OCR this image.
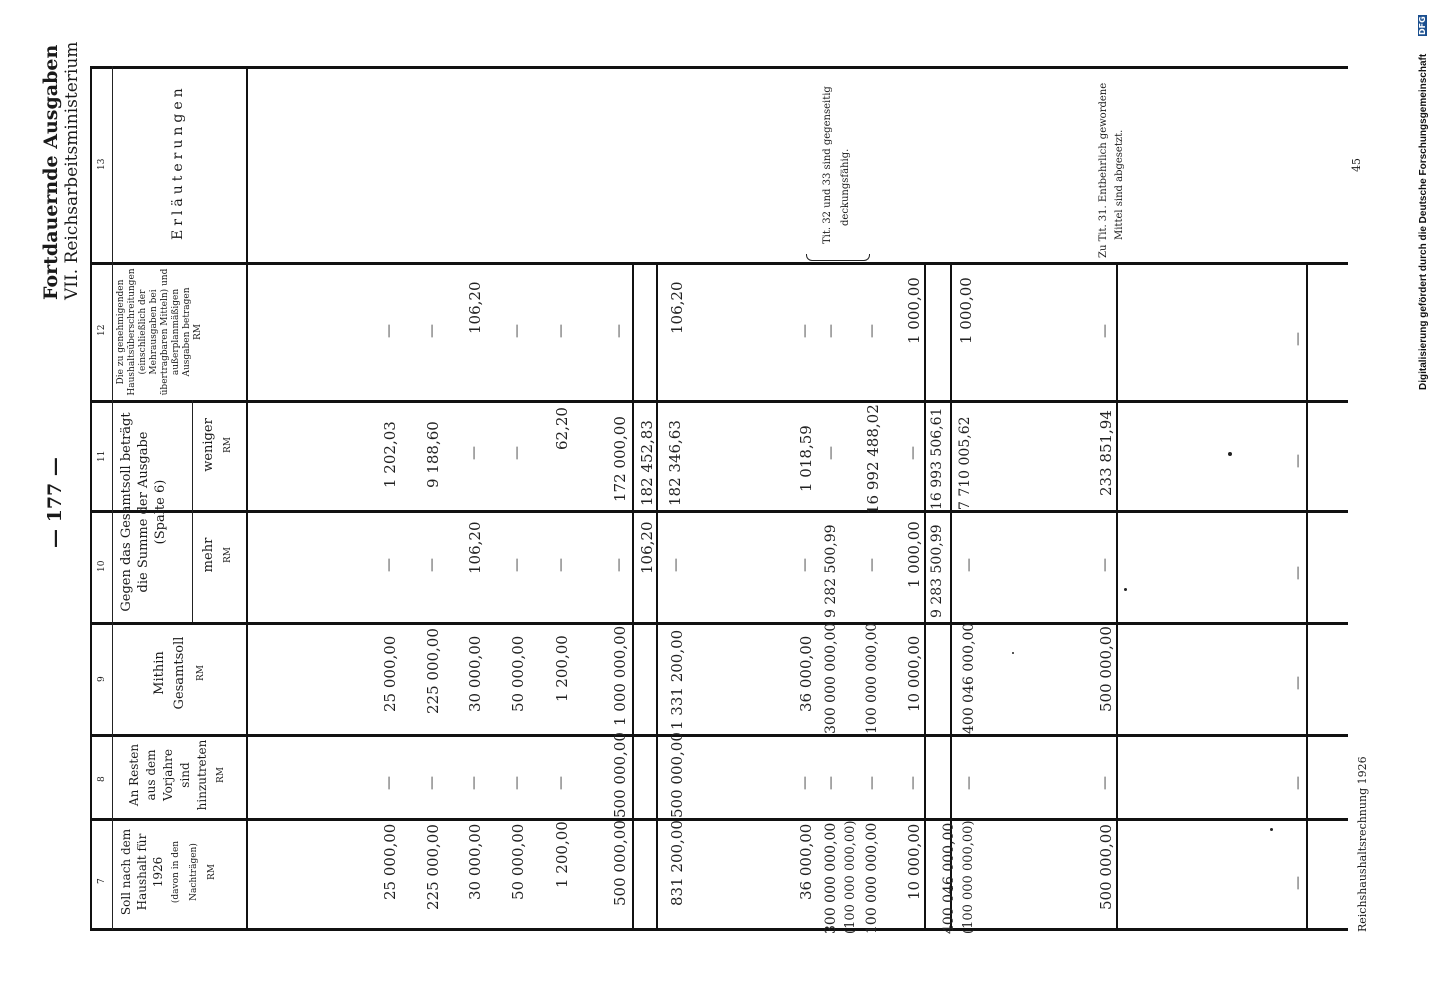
— 177 —
Fortdauernde Ausgaben VII. Reichsarbeitsministerium
7
8
9
10
11
12
13
Soll nach dem Haushalt für 1926 (davon in den Nachträgen) RM
An Resten aus dem Vorjahre sind hinzutreten RM
Mithin Gesamtsoll RM
Gegen das Gesamtsoll beträgt die Summe der Ausgabe (Spalte 6)
mehr RM
weniger RM
Die zu genehmigenden Haushaltsüberschreitungen (einschließlich der Mehrausgaben bei übertragbaren Mitteln) und außerplanmäßigen Ausgaben betragen
RM
Erläuterungen
25 000,00
—
25 000,00
—
1 202,03
—
225 000,00
—
225 000,00
—
9 188,60
—
30 000,00
—
30 000,00
106,20
—
106,20
50 000,00
—
50 000,00
—
—
—
1 200,00
—
1 200,00
—
62,20
—
500 000,00
500 000,00
1 000 000,00
—
172 000,00
—
831 200,00
500 000,00
1 331 200,00
106,20 —
182 452,83 182 346,63
106,20
36 000,00
—
36 000,00
—
1 018,59
—
300 000 000,00 (100 000 000,00)
—
300 000 000,00
9 282 500,99
—
—
100 000 000,00
—
100 000 000,00
—
16 992 488,02
—
10 000,00
—
10 000,00
1 000,00
—
1 000,00
400 046 000,00 (100 000 000,00)
—
400 046 000,00
9 283 500,99 —
16 993 506,61 7 710 005,62
1 000,00
500 000,00
—
500 000,00
—
233 851,94
—
—
—
—
—
—
—
Tit. 32 und 33 sind gegenseitig deckungsfähig.	Zu Tit. 31. Entbehrlich gewordene Mittel sind abgesetzt.
Reichshaushaltsrechnung 1926
45	Digitalisierung gefördert durch die Deutsche Forschungsgemeinschaft
DFG
